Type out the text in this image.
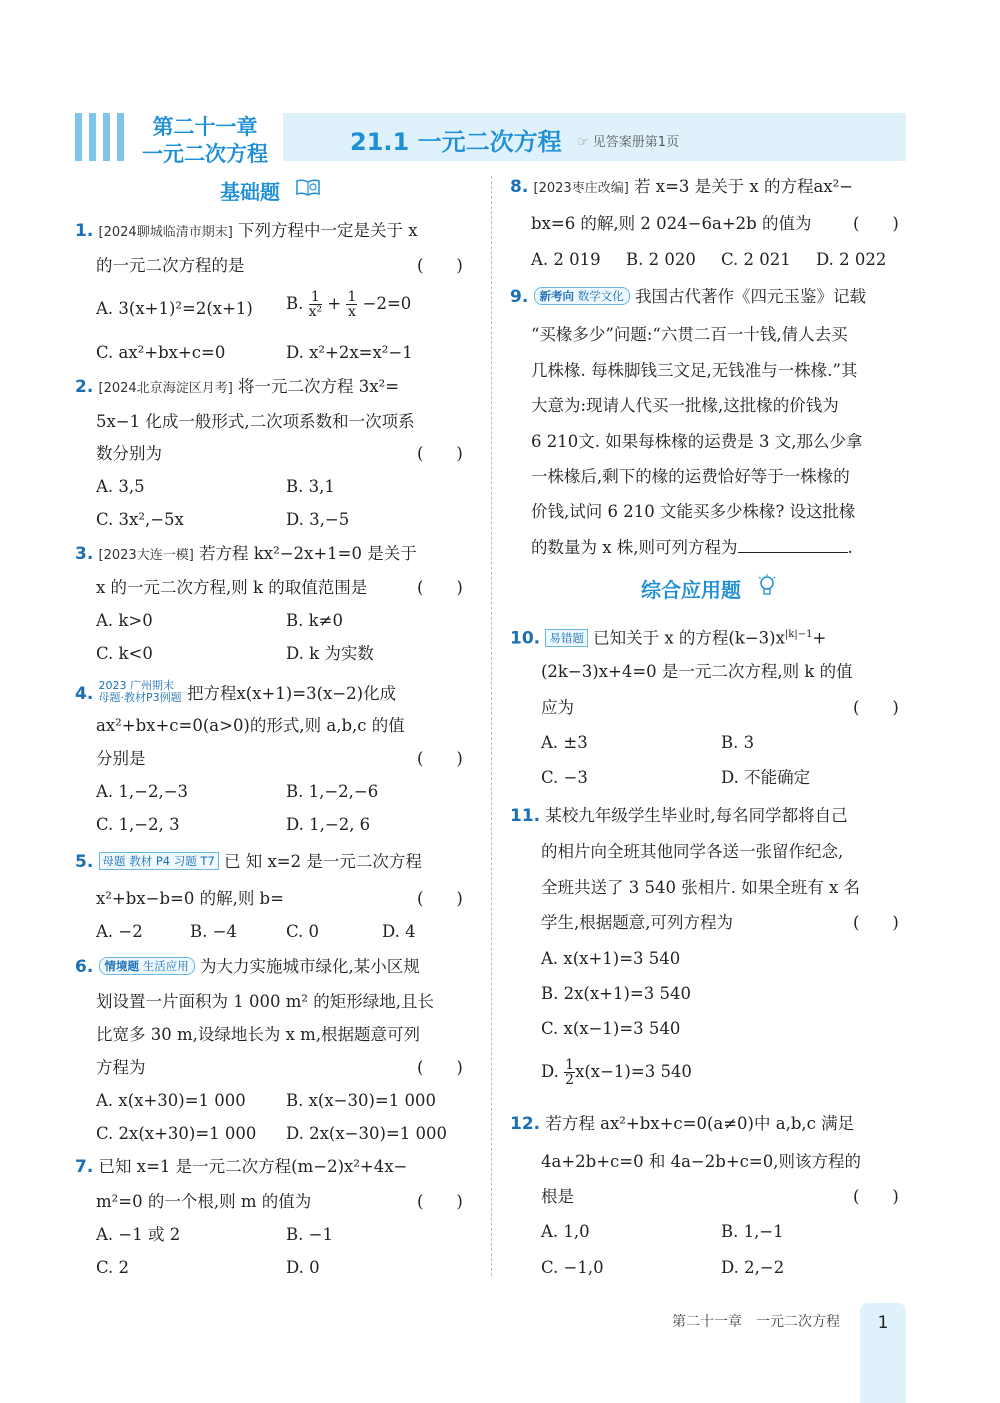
第二十一章
一元二次方程	21.1 一元二次方程 ☞ 见答案册第1页
基础题
1. [2024聊城临清市期末] 下列方程中一定是关于 x
的一元二次方程的是	(　　)
A. 3(x+1)²=2(x+1) B. $\frac{1}{\text{x²}} + \frac{1}{x} -2=0$
C. ax²+bx+c=0	D. x²+2x=x²−1
2. [2024北京海淀区月考] 将一元二次方程 3x²=
5x−1 化成一般形式,二次项系数和一次项系
数分别为	(　　)
A. 3,5	B. 3,1
C. 3x²,−5x	D. 3,−5
3. [2023大连一模] 若方程 kx²−2x+1=0 是关于
x 的一元二次方程,则 k 的取值范围是	(　　)
A. k>0	B. k≠0
C. k<0	D. k 为实数
4. 2023 广州期末
母题·教材P3例题 把方程x(x+1)=3(x−2)化成
ax²+bx+c=0(a>0)的形式,则 a,b,c 的值
分别是	(　　)
A. 1,−2,−3	B. 1,−2,−6
C. 1,−2, 3	D. 1,−2, 6
5. 母题 教材 P4 习题 T7 已 知 x=2 是一元二次方程
x²+bx−b=0 的解,则 b=	(　　)
A. −2	B. −4	C. 0	D. 4
6. 情境题 生活应用 为大力实施城市绿化,某小区规
划设置一片面积为 1 000 m² 的矩形绿地,且长
比宽多 30 m,设绿地长为 x m,根据题意可列
方程为	(　　)
A. x(x+30)=1 000 B. x(x−30)=1 000
C. 2x(x+30)=1 000 D. 2x(x−30)=1 000
7. 已知 x=1 是一元二次方程(m−2)x²+4x−
m²=0 的一个根,则 m 的值为	(　　)
A. −1 或 2	B. −1
C. 2	D. 0
8. [2023枣庄改编] 若 x=3 是关于 x 的方程ax²−
bx=6 的解,则 2 024−6a+2b 的值为	(　　)
A. 2 019 B. 2 020 C. 2 021 D. 2 022
9. 新考向 数学文化 我国古代著作《四元玉鉴》记载
“买椽多少”问题:“六贯二百一十钱,倩人去买
几株椽. 每株脚钱三文足,无钱准与一株椽.”其
大意为:现请人代买一批椽,这批椽的价钱为
6 210文. 如果每株椽的运费是 3 文,那么少拿
一株椽后,剩下的椽的运费恰好等于一株椽的
价钱,试问 6 210 文能买多少株椽? 设这批椽
的数量为 x 株,则可列方程为	.
综合应用题
10. 易错题 已知关于 x 的方程$(k-3)x^{|k|-1}+$
(2k−3)x+4=0 是一元二次方程,则 k 的值
应为	(　　)
A. ±3	B. 3
C. −3	D. 不能确定
11. 某校九年级学生毕业时,每名同学都将自己
的相片向全班其他同学各送一张留作纪念,
全班共送了 3 540 张相片. 如果全班有 x 名
学生,根据题意,可列方程为	(　　)
A. x(x+1)=3 540
B. 2x(x+1)=3 540
C. x(x−1)=3 540
D. $\frac{1}{2} x(x-1)=3$ 540
12. 若方程 ax²+bx+c=0(a≠0)中 a,b,c 满足
4a+2b+c=0 和 4a−2b+c=0,则该方程的
根是	(　　)
A. 1,0	B. 1,−1
C. −1,0	D. 2,−2
第二十一章　一元二次方程	1
